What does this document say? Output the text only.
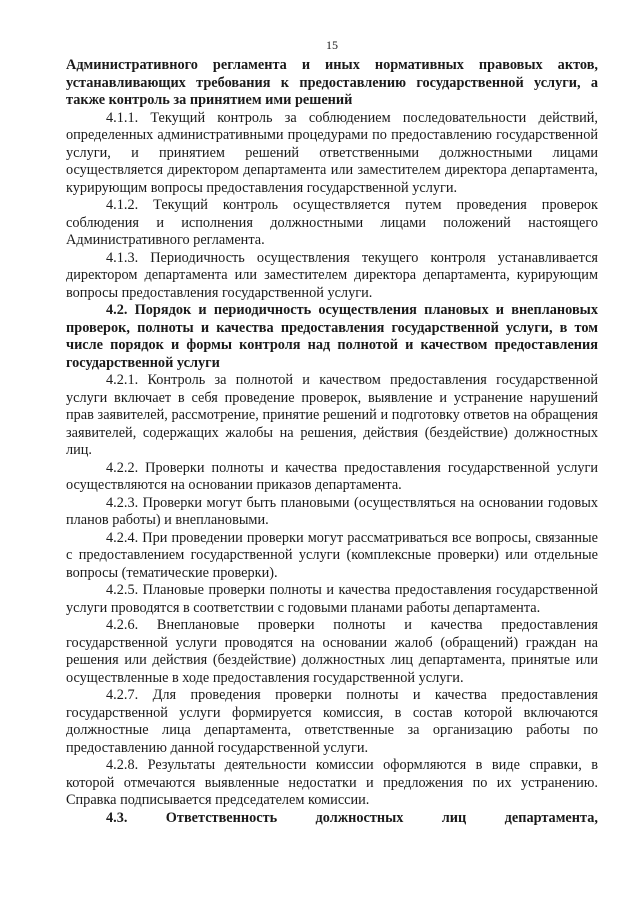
15

Административного регламента и иных нормативных правовых актов, устанавливающих требования к предоставлению государственной услуги, а также контроль за принятием ими решений

4.1.1. Текущий контроль за соблюдением последовательности действий, определенных административными процедурами по предоставлению государственной услуги, и принятием решений ответственными должностными лицами осуществляется директором департамента или заместителем директора департамента, курирующим вопросы предоставления государственной услуги.

4.1.2. Текущий контроль осуществляется путем проведения проверок соблюдения и исполнения должностными лицами положений настоящего Административного регламента.

4.1.3. Периодичность осуществления текущего контроля устанавливается директором департамента или заместителем директора департамента, курирующим вопросы предоставления государственной услуги.

4.2. Порядок и периодичность осуществления плановых и внеплановых проверок, полноты и качества предоставления государственной услуги, в том числе порядок и формы контроля над полнотой и качеством предоставления государственной услуги

4.2.1. Контроль за полнотой и качеством предоставления государственной услуги включает в себя проведение проверок, выявление и устранение нарушений прав заявителей, рассмотрение, принятие решений и подготовку ответов на обращения заявителей, содержащих жалобы на решения, действия (бездействие) должностных лиц.

4.2.2. Проверки полноты и качества предоставления государственной услуги осуществляются на основании приказов департамента.

4.2.3. Проверки могут быть плановыми (осуществляться на основании годовых планов работы) и внеплановыми.

4.2.4. При проведении проверки могут рассматриваться все вопросы, связанные с предоставлением государственной услуги (комплексные проверки) или отдельные вопросы (тематические проверки).

4.2.5. Плановые проверки полноты и качества предоставления государственной услуги проводятся в соответствии с годовыми планами работы департамента.

4.2.6. Внеплановые проверки полноты и качества предоставления государственной услуги проводятся на основании жалоб (обращений) граждан на решения или действия (бездействие) должностных лиц департамента, принятые или осуществленные в ходе предоставления государственной услуги.

4.2.7. Для проведения проверки полноты и качества предоставления государственной услуги формируется комиссия, в состав которой включаются должностные лица департамента, ответственные за организацию работы по предоставлению данной государственной услуги.

4.2.8. Результаты деятельности комиссии оформляются в виде справки, в которой отмечаются выявленные недостатки и предложения по их устранению. Справка подписывается председателем комиссии.

4.3.	Ответственность	должностных	лиц	департамента,
